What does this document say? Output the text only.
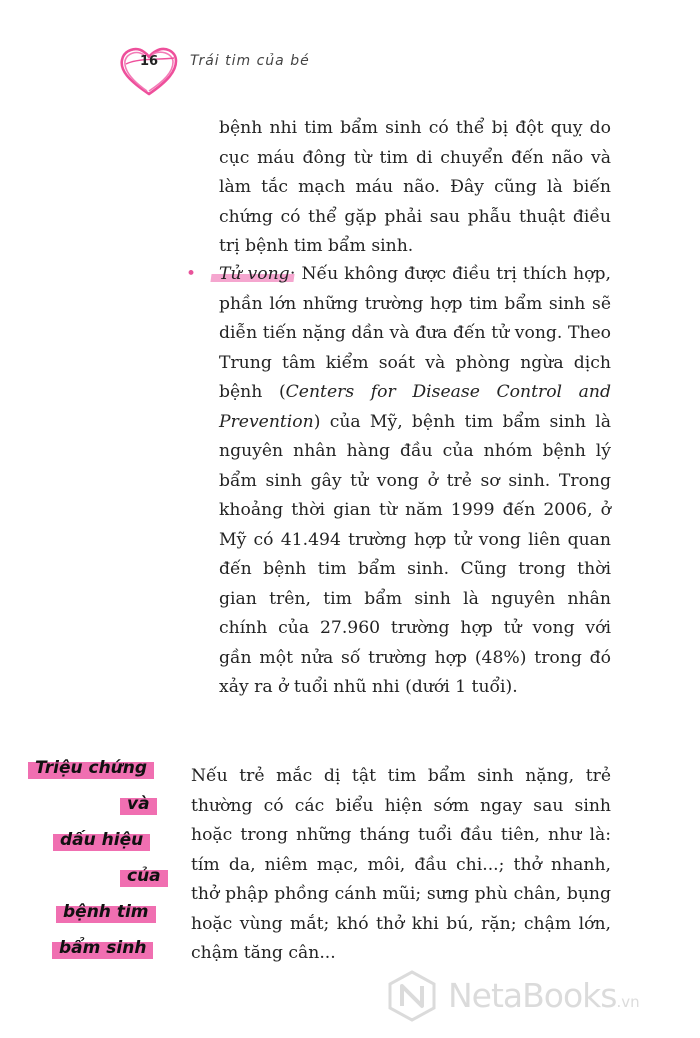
16 Trái tim của bé

bệnh nhi tim bẩm sinh có thể bị đột quỵ do cục máu đông từ tim di chuyển đến não và làm tắc mạch máu não. Đây cũng là biến chứng có thể gặp phải sau phẫu thuật điều trị bệnh tim bẩm sinh.

• Tử vong: Nếu không được điều trị thích hợp, phần lớn những trường hợp tim bẩm sinh sẽ diễn tiến nặng dần và đưa đến tử vong. Theo Trung tâm kiểm soát và phòng ngừa dịch bệnh (Centers for Disease Control and Prevention) của Mỹ, bệnh tim bẩm sinh là nguyên nhân hàng đầu của nhóm bệnh lý bẩm sinh gây tử vong ở trẻ sơ sinh. Trong khoảng thời gian từ năm 1999 đến 2006, ở Mỹ có 41.494 trường hợp tử vong liên quan đến bệnh tim bẩm sinh. Cũng trong thời gian trên, tim bẩm sinh là nguyên nhân chính của 27.960 trường hợp tử vong với gần một nửa số trường hợp (48%) trong đó xảy ra ở tuổi nhũ nhi (dưới 1 tuổi).
Triệu chứng
và
dấu hiệu
của
bệnh tim
bẩm sinh

Nếu trẻ mắc dị tật tim bẩm sinh nặng, trẻ thường có các biểu hiện sớm ngay sau sinh hoặc trong những tháng tuổi đầu tiên, như là: tím da, niêm mạc, môi, đầu chi...; thở nhanh, thở phập phồng cánh mũi; sưng phù chân, bụng hoặc vùng mắt; khó thở khi bú, rặn; chậm lớn, chậm tăng cân...

NetaBooks.vn
